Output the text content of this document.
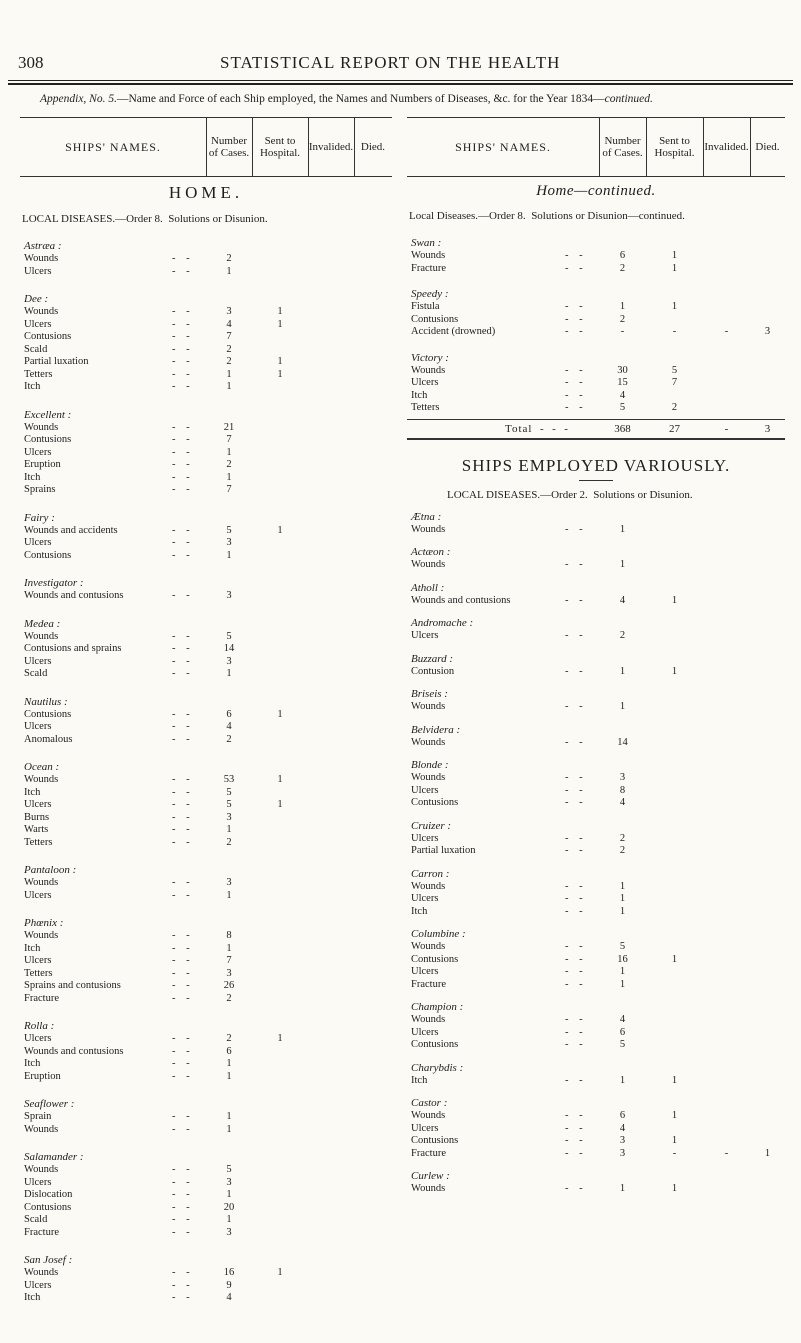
308	STATISTICAL REPORT ON THE HEALTH
Appendix, No. 5.—Name and Force of each Ship employed, the Names and Numbers of Diseases, &c. for the Year 1834—continued.
SHIPS' NAMES.	Number of Cases.
Sent to Hospital. Invalided. Died.
HOME.
LOCAL DISEASES.—Order 8. Solutions or Disunion.
Astræa :
Wounds	- -	2
Ulcers	- -	1
Dee :
Wounds	- -	3	1
Ulcers	- -	4	1
Contusions	- -	7
Scald	- -	2
Partial luxation	- -	2	1
Tetters	- -	1	1
Itch	- -	1
Excellent :
Wounds	- -	21
Contusions	- -	7
Ulcers	- -	1
Eruption	- -	2
Itch	- -	1
Sprains	- -	7
Fairy :
Wounds and accidents	- -	5	1
Ulcers	- -	3
Contusions	- -	1
Investigator :
Wounds and contusions	- -	3
Medea :
Wounds	- -	5
Contusions and sprains	- -	14
Ulcers	- -	3
Scald	- -	1
Nautilus :
Contusions	- -	6	1
Ulcers	- -	4
Anomalous	- -	2
Ocean :
Wounds	- -	53	1
Itch	- -	5
Ulcers	- -	5	1
Burns	- -	3
Warts	- -	1
Tetters	- -	2
Pantaloon :
Wounds	- -	3
Ulcers	- -	1
Phœnix :
Wounds	- -	8
Itch	- -	1
Ulcers	- -	7
Tetters	- -	3
Sprains and contusions	- -	26
Fracture	- -	2
Rolla :
Ulcers	- -	2	1
Wounds and contusions	- -	6
Itch	- -	1
Eruption	- -	1
Seaflower :
Sprain	- -	1
Wounds	- -	1
Salamander :
Wounds	- -	5
Ulcers	- -	3
Dislocation	- -	1
Contusions	- -	20
Scald	- -	1
Fracture	- -	3
San Josef :
Wounds	- -	16	1
Ulcers	- -	9
Itch	- -	4
SHIPS' NAMES.	Number of Cases.
Sent to Hospital. Invalided. Died.
Home—continued.
Local Diseases.—Order 8. Solutions or Disunion—continued.
Swan :
Wounds	- -	6	1
Fracture	- -	2	1
Speedy :
Fistula	- -	1	1
Contusions	- -	2
Accident (drowned)	- -	-	-	-	3
Victory :
Wounds	- -	30	5
Ulcers	- -	15	7
Itch	- -	4
Tetters	- -	5	2
Total  -  -  -	368	27	-	3
SHIPS EMPLOYED VARIOUSLY.
LOCAL DISEASES.—Order 2. Solutions or Disunion.
Ætna :
Wounds	- -	1
Actæon :
Wounds	- -	1
Atholl :
Wounds and contusions	- -	4	1
Andromache :
Ulcers	- -	2
Buzzard :
Contusion	- -	1	1
Briseis :
Wounds	- -	1
Belvidera :
Wounds	- -	14
Blonde :
Wounds	- -	3
Ulcers	- -	8
Contusions	- -	4
Cruizer :
Ulcers	- -	2
Partial luxation	- -	2
Carron :
Wounds	- -	1
Ulcers	- -	1
Itch	- -	1
Columbine :
Wounds	- -	5
Contusions	- -	16	1
Ulcers	- -	1
Fracture	- -	1
Champion :
Wounds	- -	4
Ulcers	- -	6
Contusions	- -	5
Charybdis :
Itch	- -	1	1
Castor :
Wounds	- -	6	1
Ulcers	- -	4
Contusions	- -	3	1
Fracture	- -	3	-	-	1
Curlew :
Wounds	- -	1	1
